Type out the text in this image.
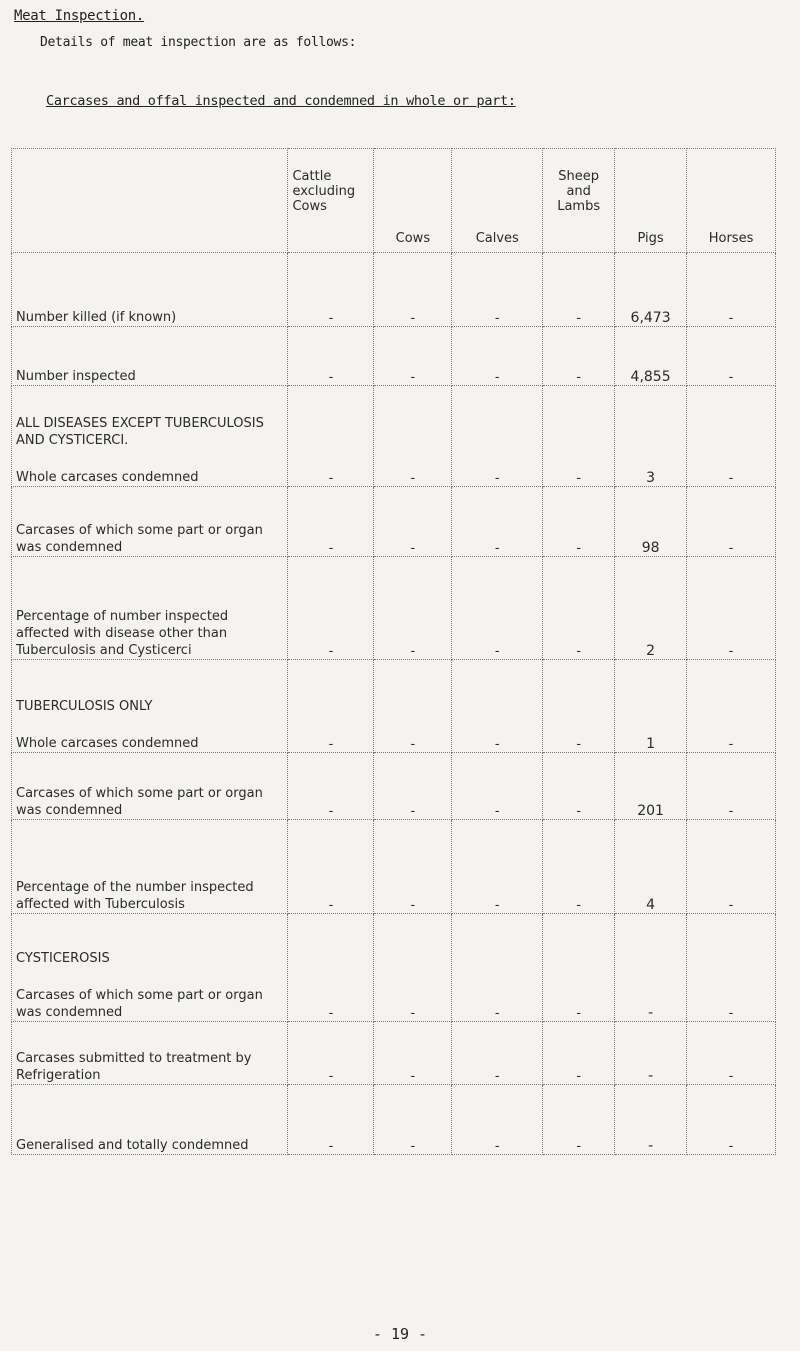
Meat Inspection.
Details of meat inspection are as follows:
Carcases and offal inspected and condemned in whole or part:
	Cattle excluding Cows	Cows	Calves	Sheep and Lambs	Pigs	Horses
Number killed (if known)	-	-	-	-	6,473	-
Number inspected	-	-	-	-	4,855	-

ALL DISEASES EXCEPT TUBERCULOSIS AND CYSTICERCI.
Whole carcases condemned	-	-	-	-	3	-
Carcases of which some part or organ was condemned	-	-	-	-	98	-
Percentage of number inspected affected with disease other than Tuberculosis and Cysticerci	-	-	-	-	2	-

TUBERCULOSIS ONLY
Whole carcases condemned	-	-	-	-	1	-
Carcases of which some part or organ was condemned	-	-	-	-	201	-
Percentage of the number inspected affected with Tuberculosis	-	-	-	-	4	-

CYSTICEROSIS
Carcases of which some part or organ was condemned	-	-	-	-	-	-
Carcases submitted to treatment by Refrigeration	-	-	-	-	-	-
Generalised and totally condemned	-	-	-	-	-	-
- 19 -
